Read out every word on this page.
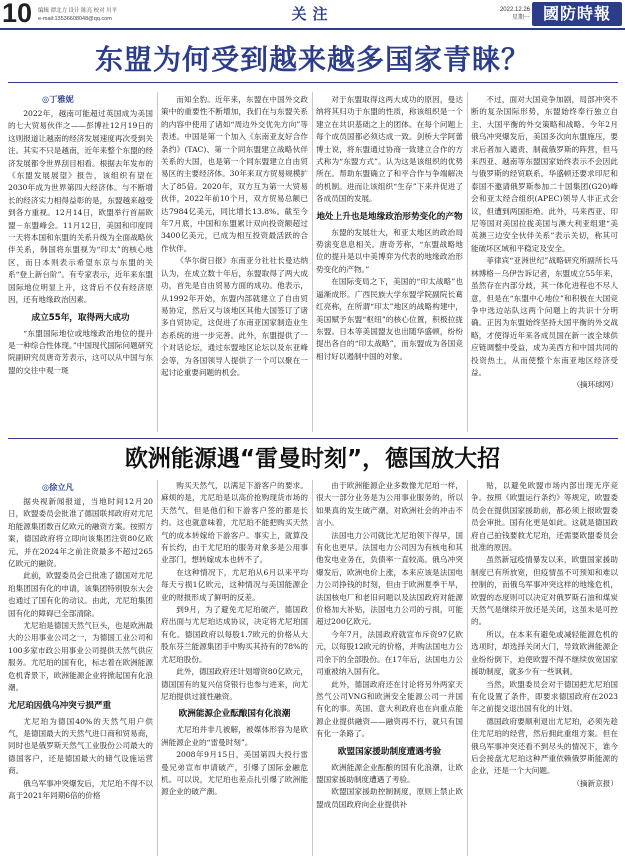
10 编辑 谭北力 设计 陈亮 校对 川平
e-mail:13536608048@qq.com	关注	2022.12.26
星期一 國防時報
东盟为何受到越来越多国家青睐？
◎丁雅妮

2022年，越南可能超过英国成为美国的七大贸易伙伴之——彭博社12月19日的这则报道让越南的经济发展速度再次受到关注。其实不只是越南，近年来整个东盟的经济发展都令世界刮目相看。根据去年发布的《东盟发展展望》报告，该组织有望在2030年成为世界第四大经济体。与不断增长的经济实力相得益彰的是，东盟越来越受到各方重视。12月14日，欧盟举行首届欧盟－东盟峰会。11月12日，美国和印度同一天将本国和东盟的关系升级为全面战略伙伴关系，韩国将东盟视为“印太”的核心地区，而日本则表示希望东京与东盟的关系“登上新台阶”。有专家表示，近年来东盟国际地位明显上升，这背后不仅有经济原因，还有地缘政治因素。

成立55年，取得两大成功

“东盟国际地位或地缘政治地位的提升是一种综合性体现。”中国现代国际问题研究院副研究员唐奇芳表示，这可以从中国与东盟的交往中观一斑

而知全豹。近年来，东盟在中国外交政策中的重要性不断增加，我们在与东盟关系的内容中使用了诸如“周边外交优先方向”等表述。中国是第一个加入《东南亚友好合作条约》(TAC)、第一个同东盟建立战略伙伴关系的大国，也是第一个同东盟建立自由贸易区的主要经济体。30年来双方贸易规模扩大了85倍。2020年，双方互为第一大贸易伙伴，2022年前10个月，双方贸易总额已达7984亿美元，同比增长13.8%。截至今年7月底，中国和东盟累计双向投资额超过3400亿美元，已成为相互投资最活跃的合作伙伴。

《华尔街日报》东南亚分社社长曼达纳认为，在成立数十年后，东盟取得了两大成功，首先是自由贸易方面的成功。他表示，从1992年开始，东盟内部就建立了自由贸易协定，然后又与该地区其他大国签订了诸多自贸协定，这促进了东南亚国家制造业生态系统的进一步完善。此外，东盟提供了一个对话论坛，通过东盟地区论坛以及东亚峰会等，为各国领导人提供了一个可以聚在一起讨论重要问题的机会。

对于东盟取得这两大成功的原因，曼达纳将其归功于东盟的性质，称该组织是一个建立在共识基础之上的团体。在每个问题上每个成员国都必须达成一致。剑桥大学阿蕾博士说，将东盟通过协商一致建立合作的方式称为“东盟方式”。认为这是该组织的优势所在。帮助东盟确立了和平合作与争端解决的机制。进而让该组织“生存”下来并促进了各成员国的发展。

地处上升也是地缘政治形势变化的产物

东盟的发展壮大，和亚太地区的政治局势演变息息相关。唐奇芳称，“东盟战略地位的提升是以中美博弈为代表的地缘政治形势变化的产物。”

在国际变局之下，美国的“印太战略”也逼渐成形。广西民族大学东盟学院副院长葛红亮称，在所谓“印太”地区的战略构建中，美国赋予东盟“枢纽”的核心位置，积极拉拢东盟。日本等美国盟友也出随华盛顿，纷纷提出各自的“印太战略”，而东盟成为各国竞相讨好以遏制中国的对象。

不过，面对大国竞争加剧，局部冲突不断的复杂国际形势，东盟始终奉行独立自主、大国平衡的外交策略和战略。今年2月俄乌冲突爆发后，美国多次向东盟施压，要求后者加入谴责、制裁俄罗斯的阵营，但马来西亚、越南等东盟国家始终表示不会因此与俄罗斯的经贸联系。华盛顿还要求印尼和泰国不邀请俄罗斯参加二十国集团(G20)峰会和亚太经合组织(APEC)领导人非正式会议，但遭到两国拒绝。此外，马来西亚、印尼等国对美国拉拢美国与澳大利亚组建“美英澳三边安全伙伴关系”表示关切，称其可能破坏区域和平稳定及安全。

菲律宾“亚洲世纪”战略研究所副所长马林博格－乌伊告诉记者，东盟成立55年来，虽然存在内部分歧，其一体化进程也不尽人意，但是在“东盟中心地位”和积极在大国竞争中选边站队这两个问题上的共识十分明确。正因为东盟始终坚持大国平衡的外交战略，才使得近年来各成员国在新一波全球供应链调整中受益，成为美西方和中国共同的投资热土，从而使整个东南亚地区经济受益。

（摘环球网）
欧洲能源遇“雷曼时刻”，德国放大招
◎徐立凡

据央视新闻报道，当地时间12月20日，欧盟委员会批准了德国联邦政府对尤尼珀能源集团数百亿欧元的融资方案。按照方案，德国政府将立即向该集团注资80亿欧元，并在2024年之前注资最多不超过265亿欧元的融资。

此前，欧盟委员会已批准了德国对尤尼珀集团国有化的申请，该集团特别股东大会也通过了国有化的动议。由此，尤尼珀集团国有化的障碍已全部清除。

尤尼珀是德国天然气巨头，也是欧洲最大的公用事业公司之一，为德国工业公司和100多家市政公用事业公司提供天然气供应服务。尤尼珀的国有化，标志着在欧洲能源危机背景下，欧洲能源企业将掀起国有化浪潮。

尤尼珀因俄乌冲突亏损严重

尤尼珀为德国40%的天然气用户供气，是德国最大的天然气进口商和贸易商，同时也是俄罗斯天然气工业股份公司最大的德国客户，还是德国最大的储气设施运营商。

俄乌军事冲突爆发后，尤尼珀不得不以高于2021年同期6倍的价格

购买天然气，以满足下游客户的要求。麻烦的是，尤尼珀是以高价抢购现货市场的天然气，但是他们和下游客户签的都是长约。这也就意味着，尤尼珀不能把购买天然气的成本转嫁给下游客户。事实上，就算没有长约，由于尤尼珀的服务对象多是公用事业部门，想转嫁成本也转不了。

在这种情况下，尤尼珀从6月以来平均每天亏损1亿欧元，这种情况与美国能源企业的财报形成了鲜明的反差。

到9月，为了避免尤尼珀破产，德国政府出面与尤尼珀达成协议，决定将尤尼珀国有化。德国政府以每股1.7欧元的价格从大股东芬兰能源集团手中购买其持有的78%的尤尼珀股份。

此外，德国政府还计划增资80亿欧元，德国国有的复兴信贷银行也参与进来，向尤尼珀提供过渡性融资。

欧洲能源企业酝酿国有化浪潮

尤尼珀并非几被解，被媒体形容为是欧洲能源企业的“雷曼时刻”。

2008年9月15日，美国第四大投行雷曼兄弟宣布申请破产，引爆了国际金融危机。可以说，尤尼珀也差点扎引爆了欧洲能源企业的破产潮。

由于欧洲能源企业多数像尤尼珀一样，很大一部分业务是为公用事业服务的，所以如果真的发生破产潮，对欧洲社会的冲击不言小。

法国电力公司就比尤尼珀领下得早，国有化也更早。法国电力公司因为有核电和其他发电业务在，负债率一直较高。俄乌冲突爆发后，欧洲电价上涨，本来应该是法国电力公司挣钱的时刻，但由于欧洲夏季干旱，法国核电厂和老旧问题以及法国政府对能源价格加大补贴，法国电力公司的亏损，可能超过200亿欧元。

今年7月，法国政府就宣布斥资97亿欧元，以每股12欧元的价格，并购法国电力公司余下的全部股份。在17年后，法国电力公司重被纳入国有化。

此外，德国政府还在讨论将另外两家天然气公司VNG和欧洲安全能源公司一并国有化的事。英国、意大利政府也在向重点能源企业提供融资——融资再不行，就只有国有化一条路了。

欧盟国家援助制度遭遇考验

欧洲能源企业酝酿的国有化浪潮，让欧盟国家援助制度遭遇了考验。

欧盟国家援助控制制度，原则上禁止欧盟成员国政府向企业提供补

贴，以避免欧盟市场内部出现无序竞争。按照《欧盟运行条约》等规定，欧盟委员会在提供国家援助前，都必须上报欧盟委员会审批。国有化更是如此。这就是德国政府自己拍钱要救尤尼珀，还需要欧盟委员会批准的原因。

虽然新冠疫情暴发以来，欧盟国家援助制度已有所放宽，但疫情虽不可预知和难以控制的，而俄乌军事冲突这样的地缘危机，欧盟的态度则可以决定对俄罗斯石油和煤炭天然气是继续开放还是关闭，这虽未是可控的。

所以，在本来有避免或减轻能源危机的选项时，却选择关闭大门，导致欧洲能源企业纷纷倒下，迫使欧盟不得不继续放宽国家援助制度，就多少有一些讽刺。

当然，欧盟委员会对于德国把尤尼珀国有化设置了条件，即要求德国政府在2023年之前提交退出国有化的计划。

德国政府要顺利退出尤尼珀，必须先趁住尤尼珀的经营，然后拥此重组方案。但在俄乌军事冲突还看不到尽头的情况下，谁今后会接盘尤尼珀这种严重依赖俄罗斯能源的企业，还是一个大问题。

（摘新京报）
